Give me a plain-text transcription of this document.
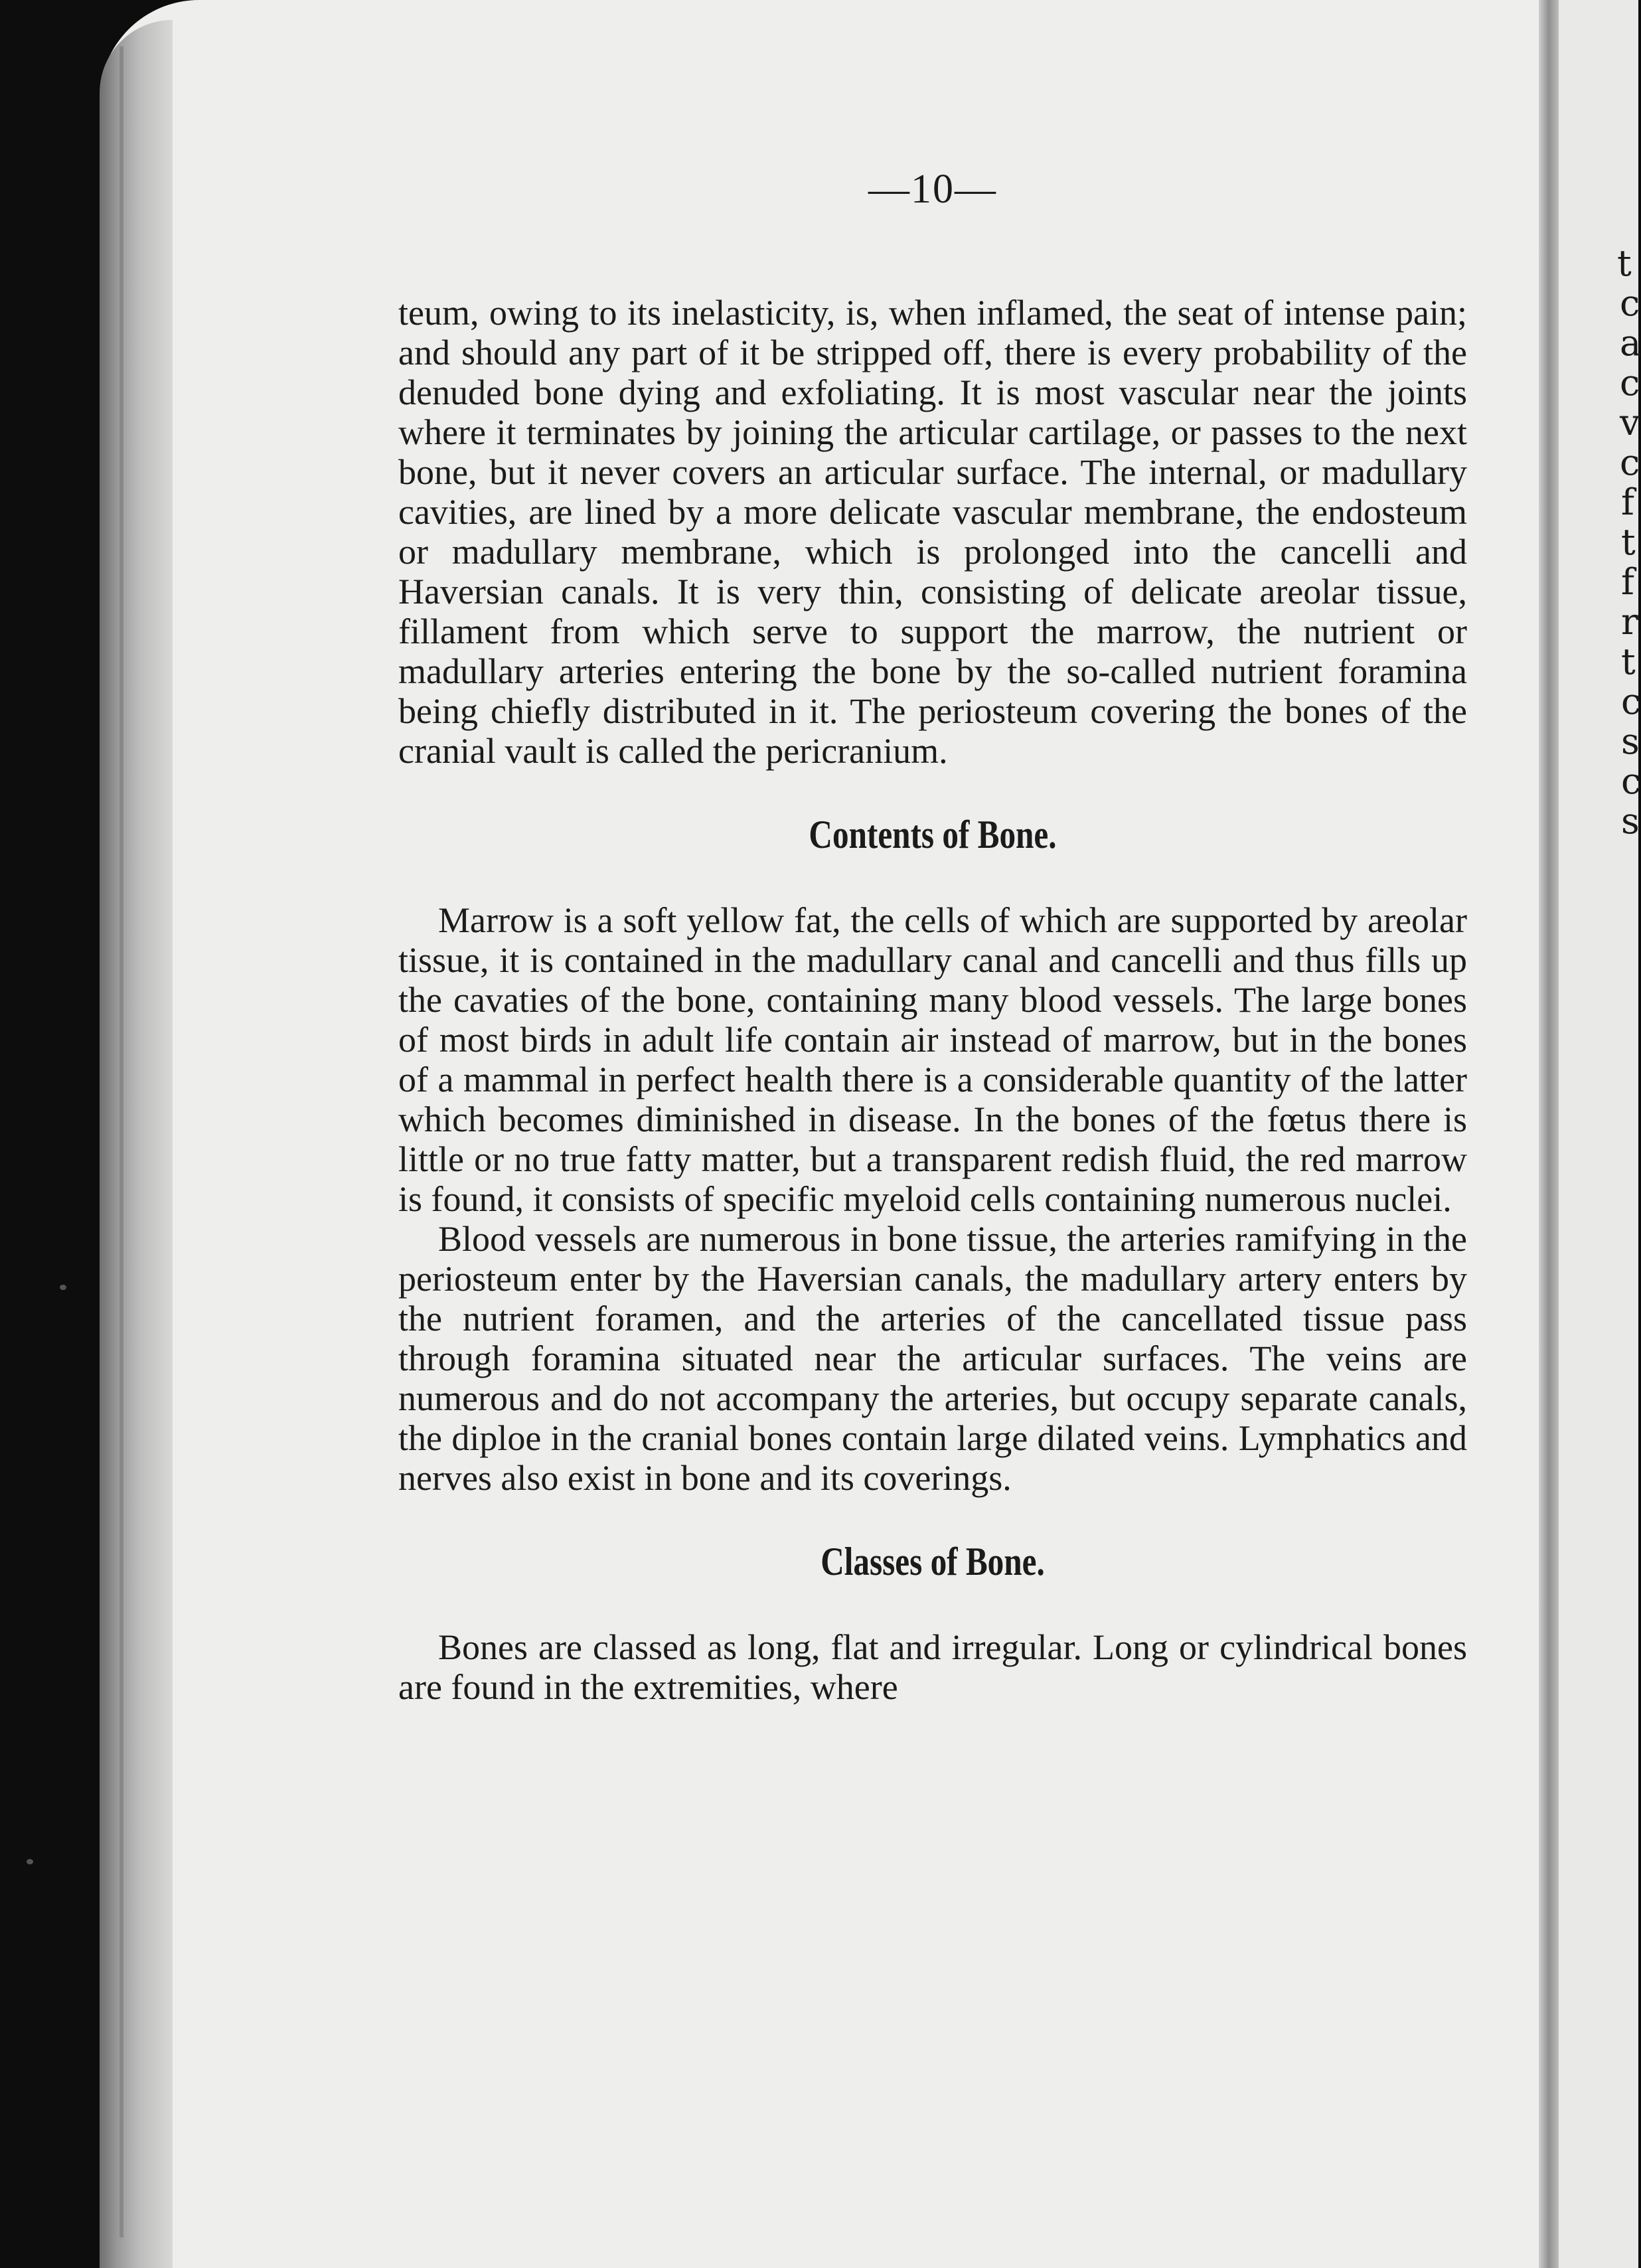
t
c
a
c
v
c
f
t
f
r
t
c
s
c
s
—10—

teum, owing to its inelasticity, is, when inflamed, the seat of intense pain; and should any part of it be stripped off, there is every probability of the denuded bone dying and exfoliating. It is most vascular near the joints where it terminates by joining the articular cartilage, or passes to the next bone, but it never covers an articular surface. The internal, or madullary cavities, are lined by a more delicate vascular membrane, the endosteum or madullary membrane, which is prolonged into the cancelli and Haversian canals. It is very thin, consisting of delicate areolar tissue, fillament from which serve to support the marrow, the nutrient or madullary arteries entering the bone by the so-called nutrient foramina being chiefly distributed in it. The periosteum covering the bones of the cranial vault is called the pericranium.

Contents of Bone.

Marrow is a soft yellow fat, the cells of which are supported by areolar tissue, it is contained in the madullary canal and cancelli and thus fills up the cavaties of the bone, containing many blood vessels. The large bones of most birds in adult life contain air instead of marrow, but in the bones of a mammal in perfect health there is a considerable quantity of the latter which becomes diminished in disease. In the bones of the fœtus there is little or no true fatty matter, but a transparent redish fluid, the red marrow is found, it consists of specific myeloid cells containing numerous nuclei.

Blood vessels are numerous in bone tissue, the arteries ramifying in the periosteum enter by the Haversian canals, the madullary artery enters by the nutrient foramen, and the arteries of the cancellated tissue pass through foramina situated near the articular surfaces. The veins are numerous and do not accompany the arteries, but occupy separate canals, the diploe in the cranial bones contain large dilated veins. Lymphatics and nerves also exist in bone and its coverings.

Classes of Bone.

Bones are classed as long, flat and irregular. Long or cylindrical bones are found in the extremities, where
